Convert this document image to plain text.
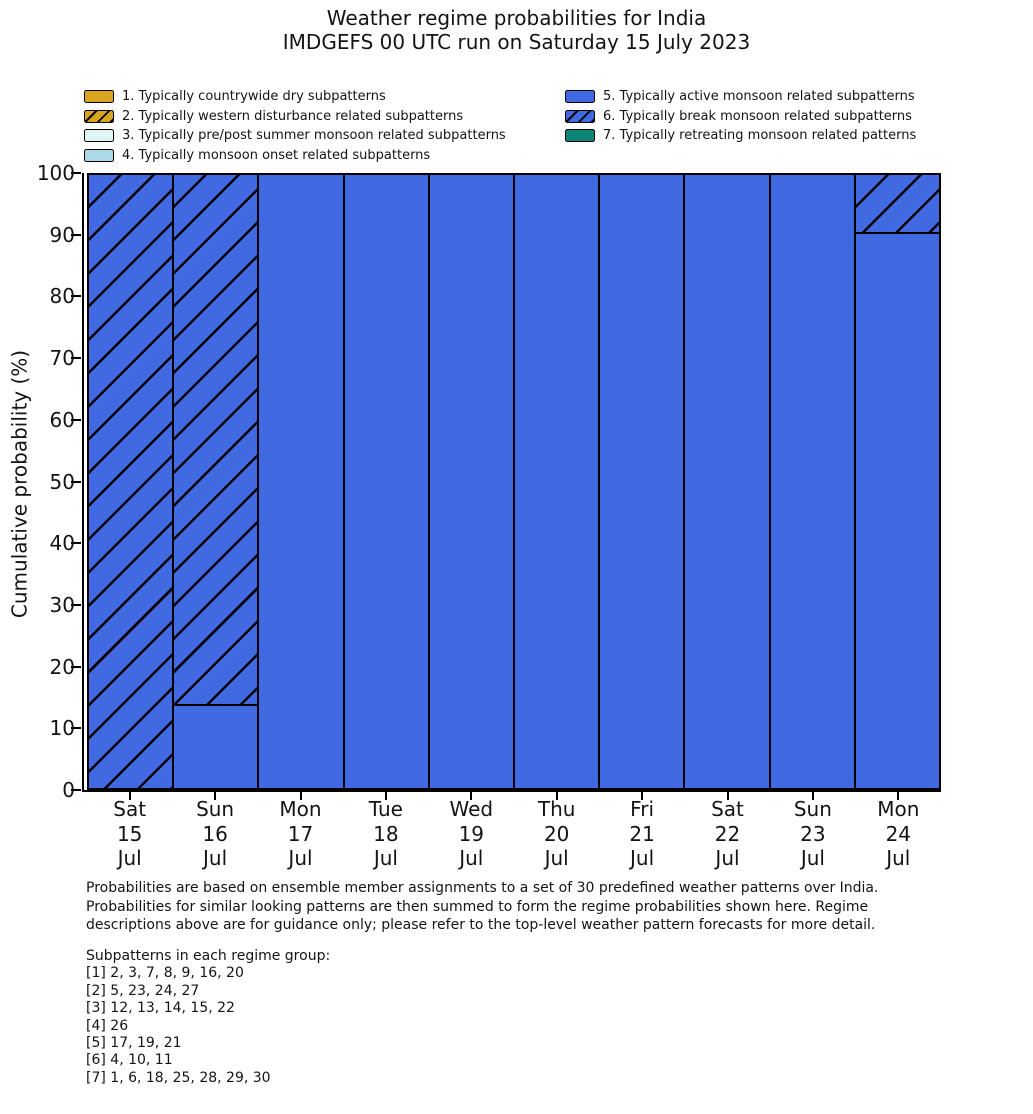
Weather regime probabilities for India
IMDGEFS 00 UTC run on Saturday 15 July 2023
1. Typically countrywide dry subpatterns
2. Typically western disturbance related subpatterns
3. Typically pre/post summer monsoon related subpatterns
4. Typically monsoon onset related subpatterns
5. Typically active monsoon related subpatterns
6. Typically break monsoon related subpatterns
7. Typically retreating monsoon related patterns
Cumulative probability (%)
0
10
20
30
40
50
60
70
80
90
100
Sat
15
Jul
Sun
16
Jul
Mon
17
Jul
Tue
18
Jul
Wed
19
Jul
Thu
20
Jul
Fri
21
Jul
Sat
22
Jul
Sun
23
Jul
Mon
24
Jul
Probabilities are based on ensemble member assignments to a set of 30 predefined weather patterns over India.
Probabilities for similar looking patterns are then summed to form the regime probabilities shown here. Regime
descriptions above are for guidance only; please refer to the top-level weather pattern forecasts for more detail.
Subpatterns in each regime group:
[1] 2, 3, 7, 8, 9, 16, 20
[2] 5, 23, 24, 27
[3] 12, 13, 14, 15, 22
[4] 26
[5] 17, 19, 21
[6] 4, 10, 11
[7] 1, 6, 18, 25, 28, 29, 30
